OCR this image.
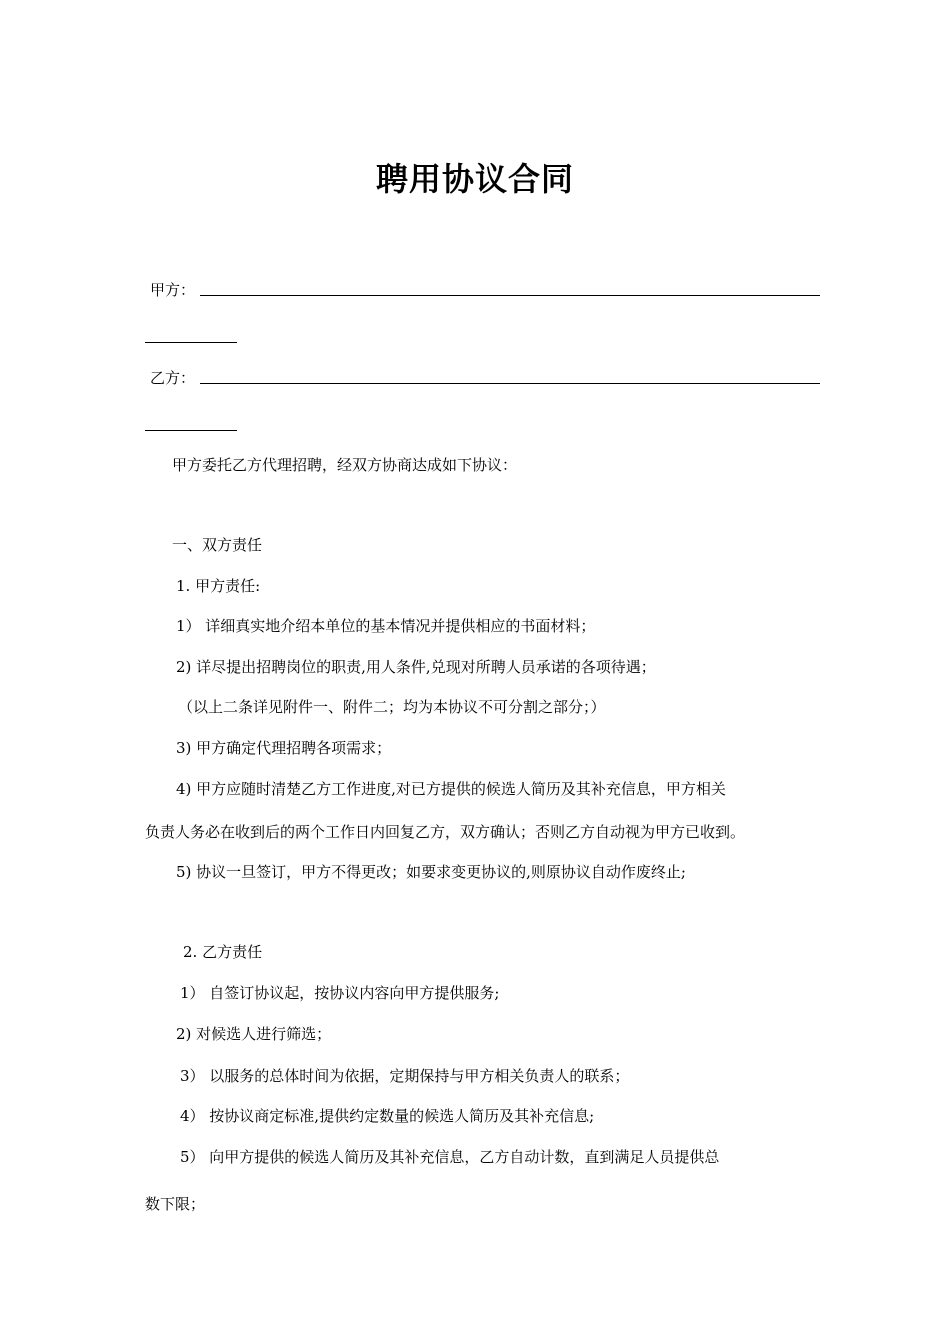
聘用协议合同
甲方：
乙方：
甲方委托乙方代理招聘，经双方协商达成如下协议：
一、双方责任
1. 甲方责任:
1） 详细真实地介绍本单位的基本情况并提供相应的书面材料；
2) 详尽提出招聘岗位的职责,用人条件,兑现对所聘人员承诺的各项待遇；
（以上二条详见附件一、附件二；均为本协议不可分割之部分；）
3) 甲方确定代理招聘各项需求；
4) 甲方应随时清楚乙方工作进度,对已方提供的候选人简历及其补充信息，甲方相关
负责人务必在收到后的两个工作日内回复乙方，双方确认；否则乙方自动视为甲方已收到。
5) 协议一旦签订，甲方不得更改；如要求变更协议的,则原协议自动作废终止;
2. 乙方责任
1） 自签订协议起，按协议内容向甲方提供服务;
2) 对候选人进行筛选；
3） 以服务的总体时间为依据，定期保持与甲方相关负责人的联系；
4） 按协议商定标准,提供约定数量的候选人简历及其补充信息;
5） 向甲方提供的候选人简历及其补充信息，乙方自动计数，直到满足人员提供总
数下限；
